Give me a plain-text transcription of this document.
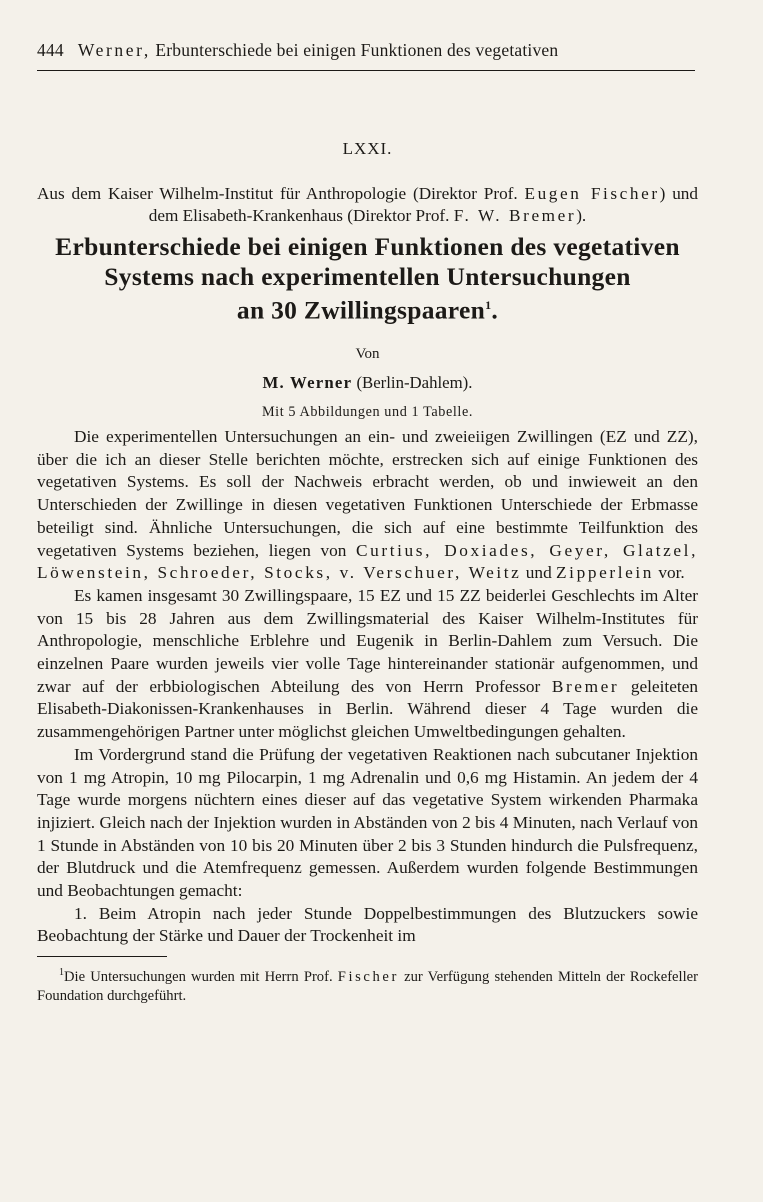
444 Werner, Erbunterschiede bei einigen Funktionen des vegetativen
LXXI.
Aus dem Kaiser Wilhelm-Institut für Anthropologie (Direktor Prof. Eugen Fischer) und dem Elisabeth-Krankenhaus (Direktor Prof. F. W. Bremer).
Erbunterschiede bei einigen Funktionen des vegetativen
Systems nach experimentellen Untersuchungen
an 30 Zwillingspaaren$^1$.
Von
M. Werner (Berlin-Dahlem).
Mit 5 Abbildungen und 1 Tabelle.

Die experimentellen Untersuchungen an ein- und zweieiigen Zwillingen (EZ und ZZ), über die ich an dieser Stelle berichten möchte, erstrecken sich auf einige Funktionen des vegetativen Systems. Es soll der Nachweis erbracht werden, ob und inwieweit an den Unterschieden der Zwillinge in diesen vegetativen Funktionen Unterschiede der Erbmasse beteiligt sind. Ähnliche Untersuchungen, die sich auf eine bestimmte Teilfunktion des vegetativen Systems beziehen, liegen von Curtius, Doxiades, Geyer, Glatzel, Löwenstein, Schroeder, Stocks, v. Verschuer, Weitz und Zipperlein vor.

Es kamen insgesamt 30 Zwillingspaare, 15 EZ und 15 ZZ beiderlei Geschlechts im Alter von 15 bis 28 Jahren aus dem Zwillingsmaterial des Kaiser Wilhelm-Institutes für Anthropologie, menschliche Erblehre und Eugenik in Berlin-Dahlem zum Versuch. Die einzelnen Paare wurden jeweils vier volle Tage hintereinander stationär aufgenommen, und zwar auf der erbbiologischen Abteilung des von Herrn Professor Bremer geleiteten Elisabeth-Diakonissen-Krankenhauses in Berlin. Während dieser 4 Tage wurden die zusammengehörigen Partner unter möglichst gleichen Umweltbedingungen gehalten.

Im Vordergrund stand die Prüfung der vegetativen Reaktionen nach subcutaner Injektion von 1 mg Atropin, 10 mg Pilocarpin, 1 mg Adrenalin und 0,6 mg Histamin. An jedem der 4 Tage wurde morgens nüchtern eines dieser auf das vegetative System wirkenden Pharmaka injiziert. Gleich nach der Injektion wurden in Abständen von 2 bis 4 Minuten, nach Verlauf von 1 Stunde in Abständen von 10 bis 20 Minuten über 2 bis 3 Stunden hindurch die Pulsfrequenz, der Blutdruck und die Atemfrequenz gemessen. Außerdem wurden folgende Bestimmungen und Beobachtungen gemacht:

1. Beim Atropin nach jeder Stunde Doppelbestimmungen des Blutzuckers sowie Beobachtung der Stärke und Dauer der Trockenheit im

$^1$Die Untersuchungen wurden mit Herrn Prof. Fischer zur Verfügung stehenden Mitteln der Rockefeller Foundation durchgeführt.
